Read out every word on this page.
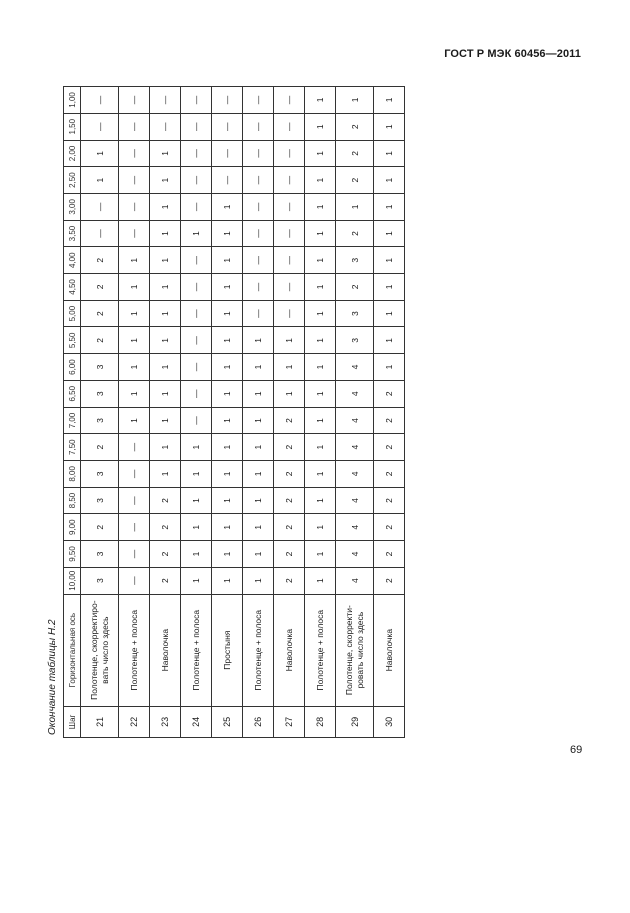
ГОСТ Р МЭК 60456—2011
Окончание таблицы Н.2 Шаг	Горизонтальная ось	10,00	9,50	9,00	8,50	8,00	7,50	7,00	6,50	6,00	5,50	5,00	4,50	4,00	3,50	3,00	2,50	2,00	1,50	1,00
21	Полотенце, скорректиро-вать число здесь	3	3	2	3	3	2	3	3	3	2	2	2	2	—	—	1	1	—	—
22	Полотенце + полоса	—	—	—	—	—	—	1	1	1	1	1	1	1	—	—	—	—	—	—
23	Наволочка	2	2	2	2	1	1	1	1	1	1	1	1	1	1	1	1	1	—	—
24	Полотенце + полоса	1	1	1	1	1	1	—	—	—	—	—	—	—	1	—	—	—	—	—
25	Простыня	1	1	1	1	1	1	1	1	1	1	1	1	1	1	1	—	—	—	—
26	Полотенце + полоса	1	1	1	1	1	1	1	1	1	1	—	—	—	—	—	—	—	—	—
27	Наволочка	2	2	2	2	2	2	2	1	1	1	—	—	—	—	—	—	—	—	—
28	Полотенце + полоса	1	1	1	1	1	1	1	1	1	1	1	1	1	1	1	1	1	1	1
29	Полотенце, скорректи-ровать число здесь	4	4	4	4	4	4	4	4	4	3	3	2	3	2	1	2	2	2	1
30	Наволочка	2	2	2	2	2	2	2	2	1	1	1	1	1	1	1	1	1	1	1
69
